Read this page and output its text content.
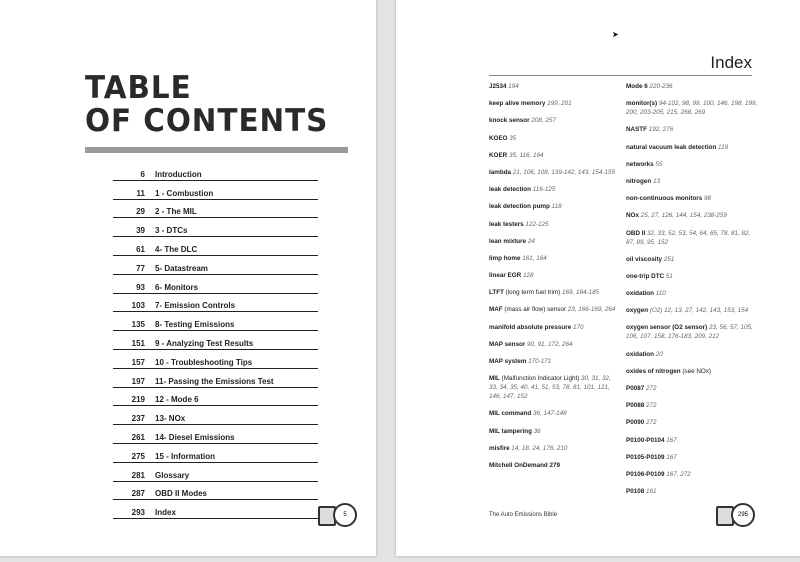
TABLE
OF CONTENTS
6 Introduction
11 1 - Combustion
29 2 - The MIL
39 3 - DTCs
61 4- The DLC
77 5- Datastream
93 6- Monitors
103 7- Emission Controls
135 8- Testing Emissions
151 9 - Analyzing Test Results
157 10 - Troubleshooting Tips
197 11- Passing the Emissions Test
219 12 - Mode 6
237 13- NOx
261 14- Diesel Emissions
275 15 - Information
281 Glossary
287 OBD II Modes
293 Index	5
➤
Index
J2534 194
keep alive memory 199, 201
knock sensor 208, 257
KOEO 35
KOER 35, 116, 164
lambda 21, 106, 108, 139-142, 143, 154-155
leak detection 116-125
leak detection pump 118
leak testers 122-125
lean mixture 24
limp home 161, 164
linear EGR 128
LTFT (long term fuel trim) 169, 184-185
MAF (mass air flow) sensor 23, 166-169, 264
manifold absolute pressure 170
MAP sensor 90, 91, 172, 264
MAP system 170-171
MIL (Malfunction Indicator Light) 30, 31, 32, 33, 34, 35, 40, 41, 51, 53, 78, 81, 101, 121, 146, 147, 152
MIL command 36, 147-148
MIL tampering 36
misfire 14, 18, 24, 176, 210
Mitchell OnDemand 279
Mode 6 220-236
monitor(s) 94-102, 98, 99, 100, 146, 198, 199, 200, 203-205, 215, 268, 269
NASTF 192, 276
natural vacuum leak detection 119
networks 55
nitrogen 13
non-continuous monitors 98
NOx 25, 27, 126, 144, 154, 238-259
OBD II 32, 33, 52, 53, 54, 64, 65, 78, 81, 82, 87, 89, 95, 152
oil viscosity 251
one-trip DTC 51
oxidation 110
oxygen (O2) 12, 13, 27, 142, 143, 153, 154
oxygen sensor (O2 sensor) 23, 56, 57, 105, 106, 107, 158, 176-183, 209, 212
oxidation 20
oxides of nitrogen (see NOx)
P0087 272
P0088 272
P0090 272
P0100-P0104 167
P0105-P0109 167
P0106-P0109 167, 272
P0108 161
The Auto Emissions Bible	295
